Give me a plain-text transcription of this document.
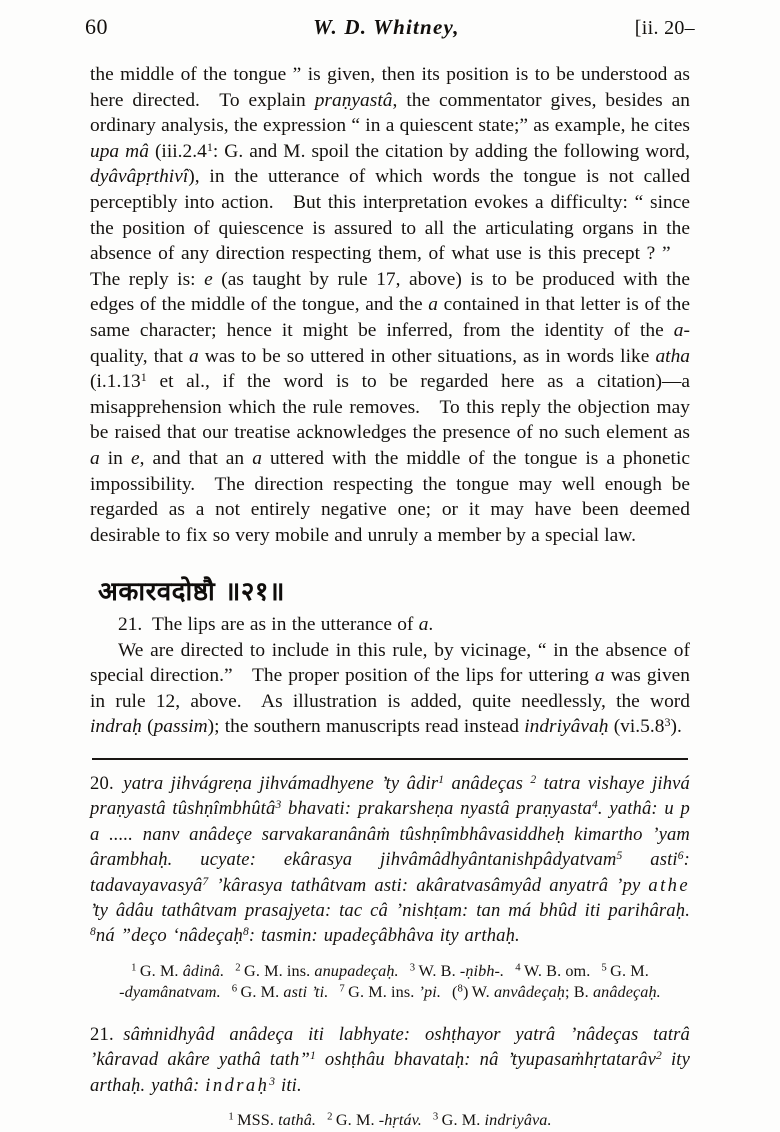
60	W. D. Whitney,	[ii. 20–

the middle of the tongue ” is given, then its position is to be understood as here directed. To explain praṇyastâ, the commentator gives, besides an ordinary analysis, the expression “ in a quiescent state;” as example, he cites upa mâ (iii.2.4$^1$: G. and M. spoil the citation by adding the following word, dyâvâpṛthivî), in the utterance of which words the tongue is not called perceptibly into action. But this interpretation evokes a difficulty: “ since the position of quiescence is assured to all the articulating organs in the absence of any direction respecting them, of what use is this precept ? ” The reply is: e (as taught by rule 17, above) is to be produced with the edges of the middle of the tongue, and the a contained in that letter is of the same character; hence it might be inferred, from the identity of the a-quality, that a was to be so uttered in other situations, as in words like atha (i.1.13$^1$ et al., if the word is to be regarded here as a citation)—a misapprehension which the rule removes. To this reply the objection may be raised that our treatise acknowledges the presence of no such element as a in e, and that an a uttered with the middle of the tongue is a phonetic impossibility. The direction respecting the tongue may well enough be regarded as a not entirely negative one; or it may have been deemed desirable to fix so very mobile and unruly a member by a special law.

अकारवदोष्ठौ ॥२१॥

21. The lips are as in the utterance of a.

We are directed to include in this rule, by vicinage, “ in the absence of special direction.” The proper position of the lips for uttering a was given in rule 12, above. As illustration is added, quite needlessly, the word indraḥ (passim); the southern manuscripts read instead indriyâvaḥ (vi.5.8$^3$).

20. yatra jihvágreṇa jihvámadhyene ’ty âdir$^1$ anâdeças $^2$ tatra vishaye jihvá praṇyastâ tûshṇîmbhûtâ$^3$ bhavati: prakarsheṇa nyastâ praṇyasta$^4$. yathâ: u p a ..... nanv anâdeçe sarvakaranânâṁ tûshṇîmbhâvasiddheḥ kimartho ’yam ârambhaḥ. ucyate: ekârasya jihvâmâdhyântanishpâdyatvam$^5$ asti$^6$: tadavayavasyâ$^7$ ’kârasya tathâtvam asti: akâratvasâmyâd anyatrâ ’py athe ’ty âdâu tathâtvam prasajyeta: tac câ ’nishṭam: tan má bhûd iti parihâraḥ. $^8$ná ”deço ‘nâdeçaḥ$^8$: tasmin: upadeçâbhâva ity arthaḥ.

$^1$ G. M. âdinâ. $^2$ G. M. ins. anupadeçaḥ. $^3$ W. B. -ṇibh-. $^4$ W. B. om. $^5$ G. M.
-dyamânatvam. $^6$ G. M. asti ’ti. $^7$ G. M. ins. ’pi. ($^8$) W. anvâdeçaḥ; B. anâdeçaḥ.

21. sâṁnidhyâd anâdeça iti labhyate: oshṭhayor yatrâ ’nâdeças tatrâ ’kâravad akâre yathâ tath”$^1$ oshṭhâu bhavataḥ: nâ ’tyupasaṁhṛtatarâv$^2$ ity arthaḥ. yathâ: indraḥ$^3$ iti.

$^1$ MSS. tathâ. $^2$ G. M. -hṛtáv. $^3$ G. M. indriyâva.
